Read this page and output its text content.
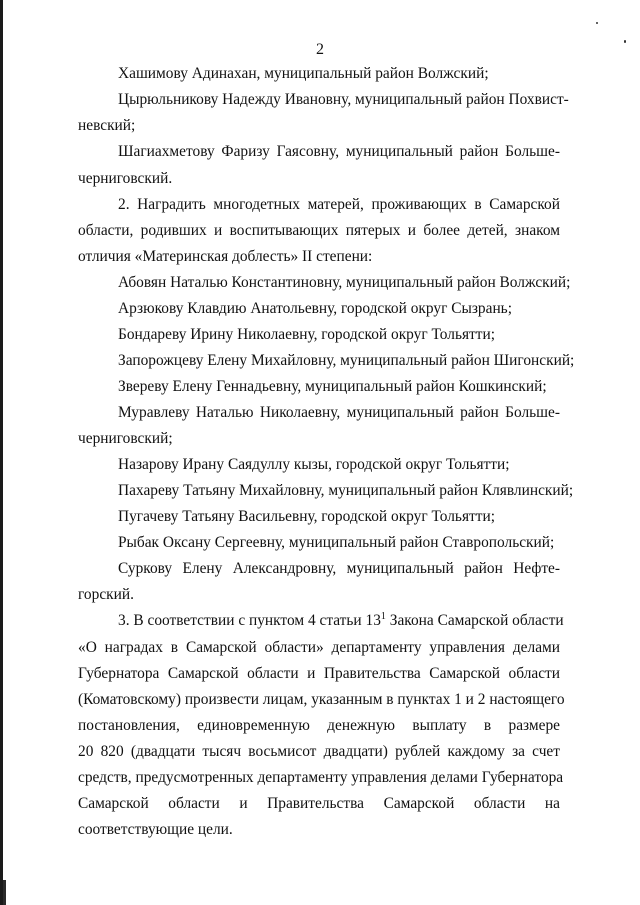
2
Хашимову Адинахан, муниципальный район Волжский;
Цырюльникову Надежду Ивановну, муниципальный район Похвист-
невский;
Шагиахметову Фаризу Гаясовну, муниципальный район Больше-
черниговский.
2. Наградить многодетных матерей, проживающих в Самарской
области, родивших и воспитывающих пятерых и более детей, знаком
отличия «Материнская доблесть» II степени:
Абовян Наталью Константиновну, муниципальный район Волжский;
Арзюкову Клавдию Анатольевну, городской округ Сызрань;
Бондареву Ирину Николаевну, городской округ Тольятти;
Запорожцеву Елену Михайловну, муниципальный район Шигонский;
Звереву Елену Геннадьевну, муниципальный район Кошкинский;
Муравлеву Наталью Николаевну, муниципальный район Больше-
черниговский;
Назарову Ирану Саядуллу кызы, городской округ Тольятти;
Пахареву Татьяну Михайловну, муниципальный район Клявлинский;
Пугачеву Татьяну Васильевну, городской округ Тольятти;
Рыбак Оксану Сергеевну, муниципальный район Ставропольский;
Суркову Елену Александровну, муниципальный район Нефте-
горский.
3. В соответствии с пунктом 4 статьи $13^1$ Закона Самарской области
«О наградах в Самарской области» департаменту управления делами
Губернатора Самарской области и Правительства Самарской области
(Коматовскому) произвести лицам, указанным в пунктах 1 и 2 настоящего
постановления, единовременную денежную выплату в размере
20 820 (двадцати тысяч восьмисот двадцати) рублей каждому за счет
средств, предусмотренных департаменту управления делами Губернатора
Самарской области и Правительства Самарской области на
соответствующие цели.
